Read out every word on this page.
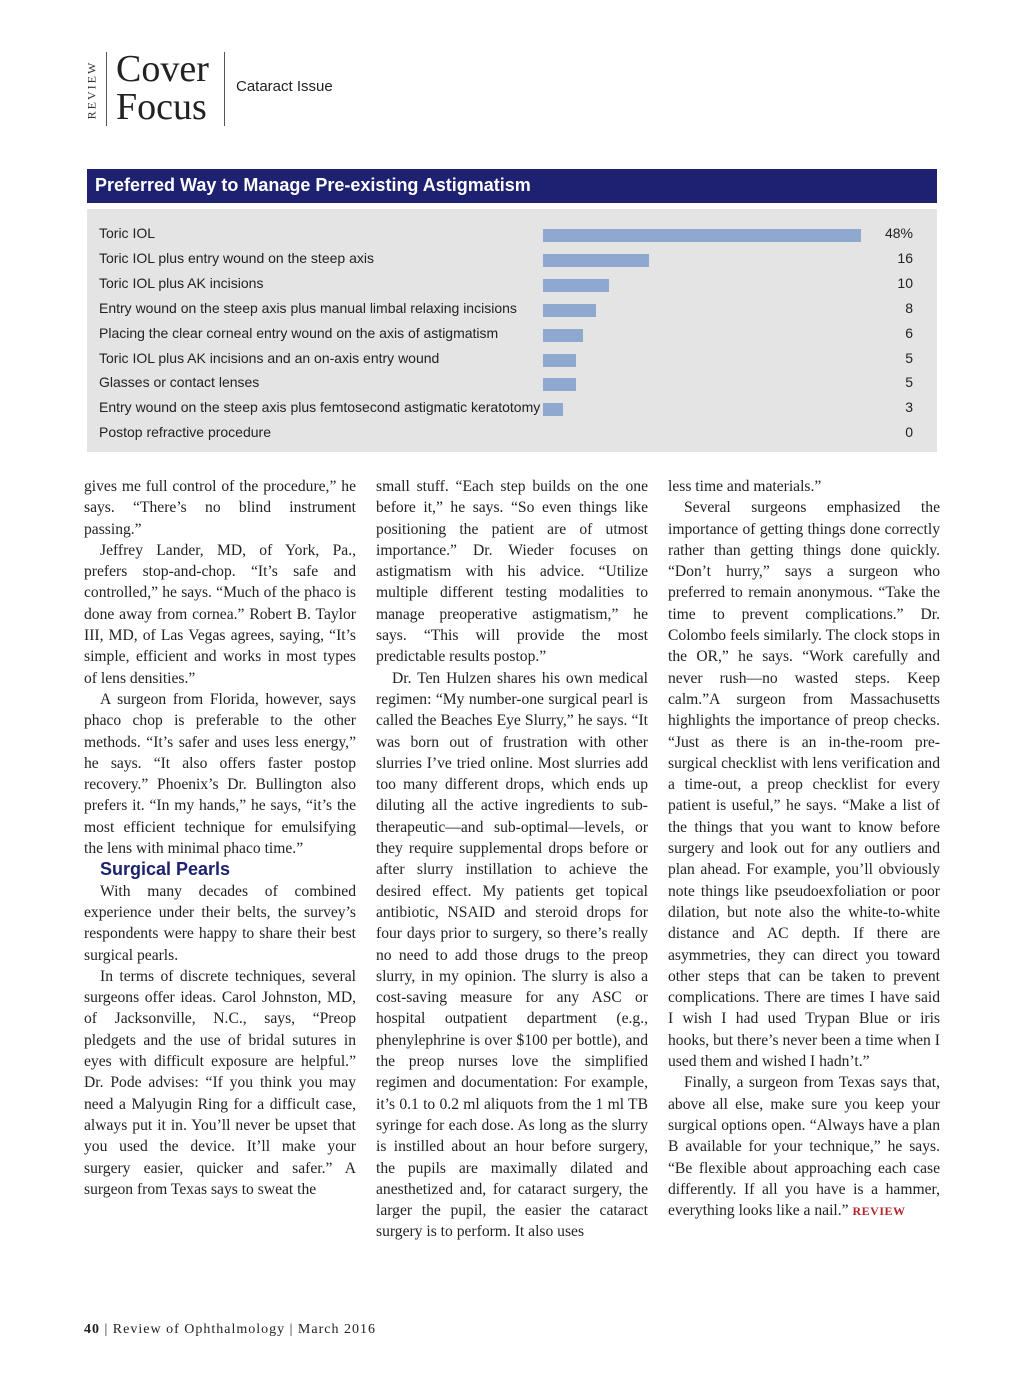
REVIEW Cover
Focus Cataract Issue
Preferred Way to Manage Pre-existing Astigmatism
Toric IOL	48%
Toric IOL plus entry wound on the steep axis	16
Toric IOL plus AK incisions	10
Entry wound on the steep axis plus manual limbal relaxing incisions	8
Placing the clear corneal entry wound on the axis of astigmatism	6
Toric IOL plus AK incisions and an on-axis entry wound	5
Glasses or contact lenses	5
Entry wound on the steep axis plus femtosecond astigmatic keratotomy	3
Postop refractive procedure	0

gives me full control of the procedure,” he says. “There’s no blind instrument passing.”

Jeffrey Lander, MD, of York, Pa., prefers stop-and-chop. “It’s safe and controlled,” he says. “Much of the phaco is done away from cornea.” Robert B. Taylor III, MD, of Las Vegas agrees, saying, “It’s simple, efficient and works in most types of lens densities.”

A surgeon from Florida, however, says phaco chop is preferable to the other methods. “It’s safer and uses less energy,” he says. “It also offers faster postop recovery.” Phoenix’s Dr. Bullington also prefers it. “In my hands,” he says, “it’s the most efficient technique for emulsifying the lens with minimal phaco time.”

Surgical Pearls

With many decades of combined experience under their belts, the survey’s respondents were happy to share their best surgical pearls.

In terms of discrete techniques, several surgeons offer ideas. Carol Johnston, MD, of Jacksonville, N.C., says, “Preop pledgets and the use of bridal sutures in eyes with difficult exposure are helpful.” Dr. Pode advises: “If you think you may need a Malyugin Ring for a difficult case, always put it in. You’ll never be upset that you used the device. It’ll make your surgery easier, quicker and safer.” A surgeon from Texas says to sweat the

small stuff. “Each step builds on the one before it,” he says. “So even things like positioning the patient are of utmost importance.” Dr. Wieder focuses on astigmatism with his advice. “Utilize multiple different testing modalities to manage preoperative astigmatism,” he says. “This will provide the most predictable results postop.”

Dr. Ten Hulzen shares his own medical regimen: “My number-one surgical pearl is called the Beaches Eye Slurry,” he says. “It was born out of frustration with other slurries I’ve tried online. Most slurries add too many different drops, which ends up diluting all the active ingredients to sub-therapeutic—and sub-optimal—levels, or they require supplemental drops before or after slurry instillation to achieve the desired effect. My patients get topical antibiotic, NSAID and steroid drops for four days prior to surgery, so there’s really no need to add those drugs to the preop slurry, in my opinion. The slurry is also a cost-saving measure for any ASC or hospital outpatient department (e.g., phenylephrine is over $100 per bottle), and the preop nurses love the simplified regimen and documentation: For example, it’s 0.1 to 0.2 ml aliquots from the 1 ml TB syringe for each dose. As long as the slurry is instilled about an hour before surgery, the pupils are maximally dilated and anesthetized and, for cataract surgery, the larger the pupil, the easier the cataract surgery is to perform. It also uses

less time and materials.”

Several surgeons emphasized the importance of getting things done correctly rather than getting things done quickly. “Don’t hurry,” says a surgeon who preferred to remain anonymous. “Take the time to prevent complications.” Dr. Colombo feels similarly. The clock stops in the OR,” he says. “Work carefully and never rush—no wasted steps. Keep calm.”A surgeon from Massachusetts highlights the importance of preop checks. “Just as there is an in-the-room pre-surgical checklist with lens verification and a time-out, a preop checklist for every patient is useful,” he says. “Make a list of the things that you want to know before surgery and look out for any outliers and plan ahead. For example, you’ll obviously note things like pseudoexfoliation or poor dilation, but note also the white-to-white distance and AC depth. If there are asymmetries, they can direct you toward other steps that can be taken to prevent complications. There are times I have said I wish I had used Trypan Blue or iris hooks, but there’s never been a time when I used them and wished I hadn’t.”

Finally, a surgeon from Texas says that, above all else, make sure you keep your surgical options open. “Always have a plan B available for your technique,” he says. “Be flexible about approaching each case differently. If all you have is a hammer, everything looks like a nail.” REVIEW

40 | Review of Ophthalmology | March 2016
